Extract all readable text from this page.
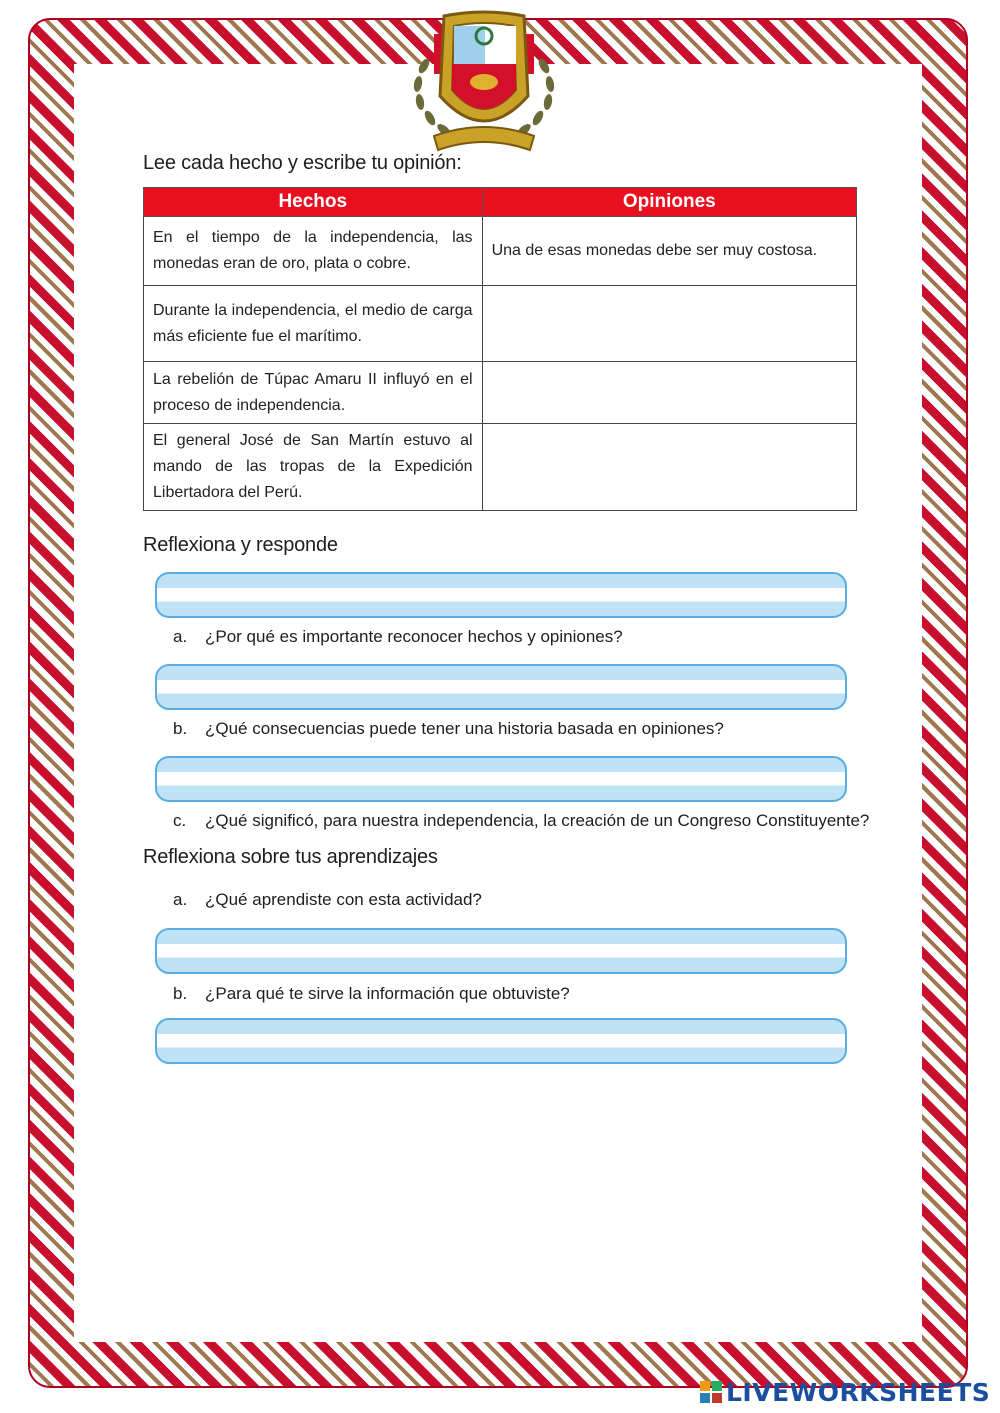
Lee cada hecho y escribe tu opinión:
Hechos	Opiniones
En el tiempo de la independencia, las monedas eran de oro, plata o cobre.	Una de esas monedas debe ser muy costosa.
Durante la independencia, el medio de carga más eficiente fue el marítimo.	
La rebelión de Túpac Amaru II influyó en el proceso de independencia.	
El general José de San Martín estuvo al mando de las tropas de la Expedición Libertadora del Perú.	
Reflexiona y responde
a. ¿Por qué es importante reconocer hechos y opiniones?
b. ¿Qué consecuencias puede tener una historia basada en opiniones?
c. ¿Qué significó, para nuestra independencia, la creación de un Congreso Constituyente?
Reflexiona sobre tus aprendizajes
a. ¿Qué aprendiste con esta actividad?
b. ¿Para qué te sirve la información que obtuviste?
LIVEWORKSHEETS
